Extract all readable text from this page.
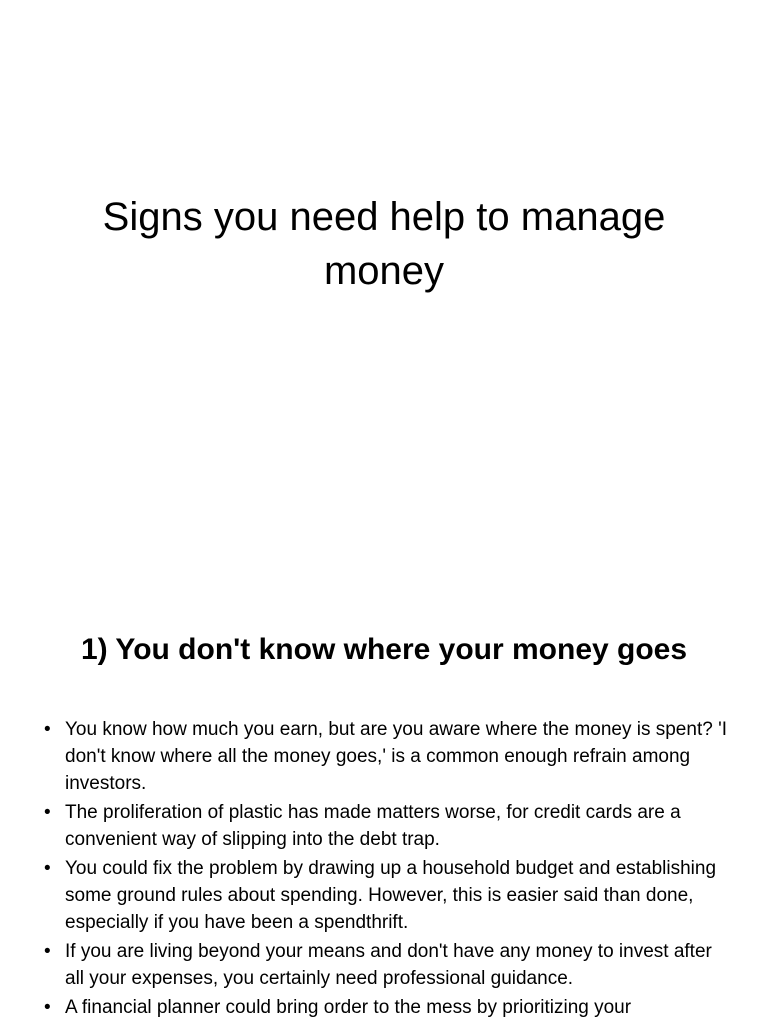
Signs you need help to manage money
1) You don't know where your money goes
• You know how much you earn, but are you aware where the money is spent? 'I don't know where all the money goes,' is a common enough refrain among investors.
• The proliferation of plastic has made matters worse, for credit cards are a convenient way of slipping into the debt trap.
• You could fix the problem by drawing up a household budget and establishing some ground rules about spending. However, this is easier said than done, especially if you have been a spendthrift.
• If you are living beyond your means and don't have any money to invest after all your expenses, you certainly need professional guidance.
• A financial planner could bring order to the mess by prioritizing your
